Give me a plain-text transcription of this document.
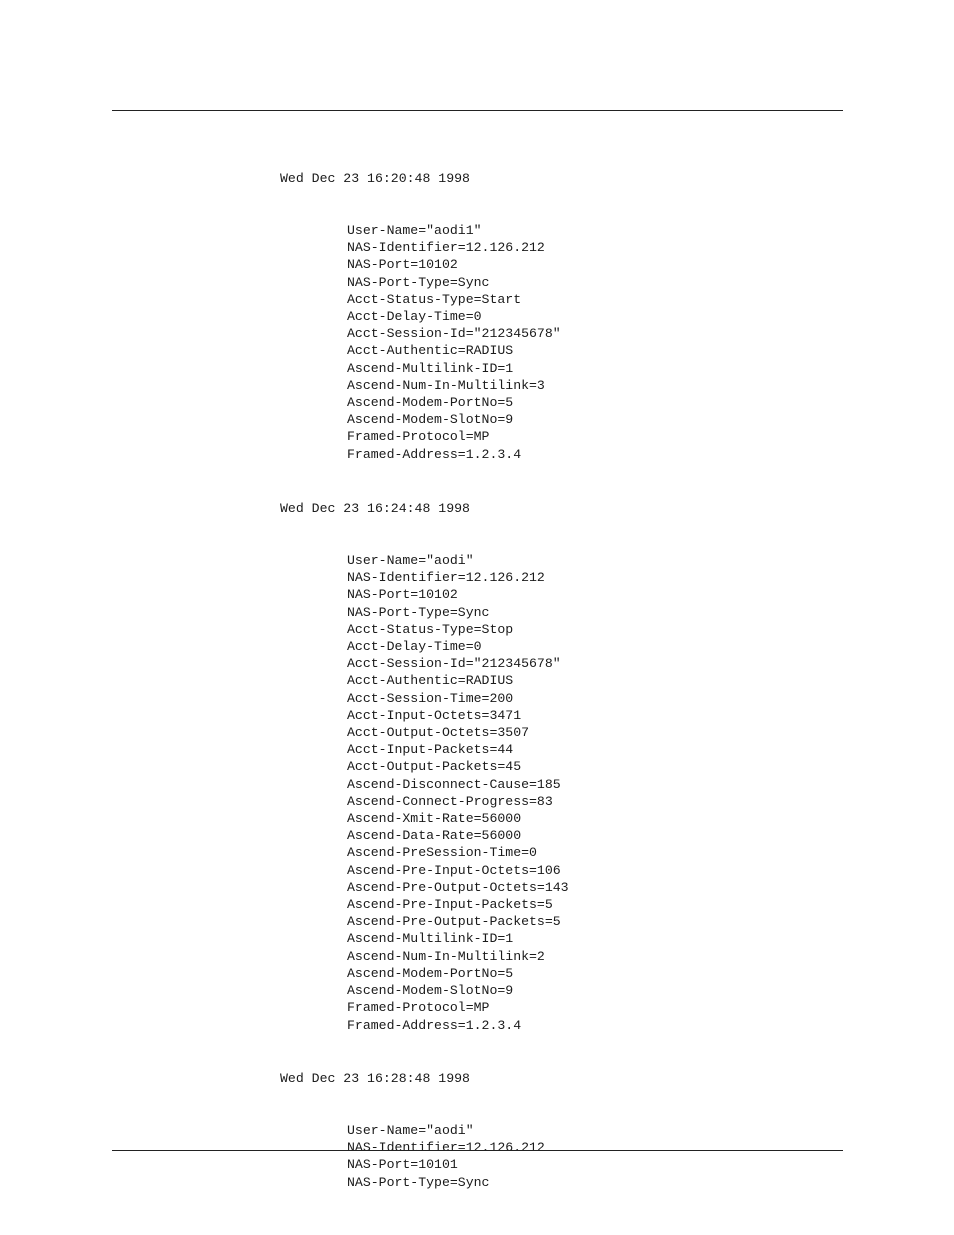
Wed Dec 23 16:20:48 1998

User-Name="aodi1"
NAS-Identifier=12.126.212
NAS-Port=10102
NAS-Port-Type=Sync
Acct-Status-Type=Start
Acct-Delay-Time=0
Acct-Session-Id="212345678"
Acct-Authentic=RADIUS
Ascend-Multilink-ID=1
Ascend-Num-In-Multilink=3
Ascend-Modem-PortNo=5
Ascend-Modem-SlotNo=9
Framed-Protocol=MP
Framed-Address=1.2.3.4

Wed Dec 23 16:24:48 1998

User-Name="aodi"
NAS-Identifier=12.126.212
NAS-Port=10102
NAS-Port-Type=Sync
Acct-Status-Type=Stop
Acct-Delay-Time=0
Acct-Session-Id="212345678"
Acct-Authentic=RADIUS
Acct-Session-Time=200
Acct-Input-Octets=3471
Acct-Output-Octets=3507
Acct-Input-Packets=44
Acct-Output-Packets=45
Ascend-Disconnect-Cause=185
Ascend-Connect-Progress=83
Ascend-Xmit-Rate=56000
Ascend-Data-Rate=56000
Ascend-PreSession-Time=0
Ascend-Pre-Input-Octets=106
Ascend-Pre-Output-Octets=143
Ascend-Pre-Input-Packets=5
Ascend-Pre-Output-Packets=5
Ascend-Multilink-ID=1
Ascend-Num-In-Multilink=2
Ascend-Modem-PortNo=5
Ascend-Modem-SlotNo=9
Framed-Protocol=MP
Framed-Address=1.2.3.4

Wed Dec 23 16:28:48 1998

User-Name="aodi"
NAS-Identifier=12.126.212
NAS-Port=10101
NAS-Port-Type=Sync
